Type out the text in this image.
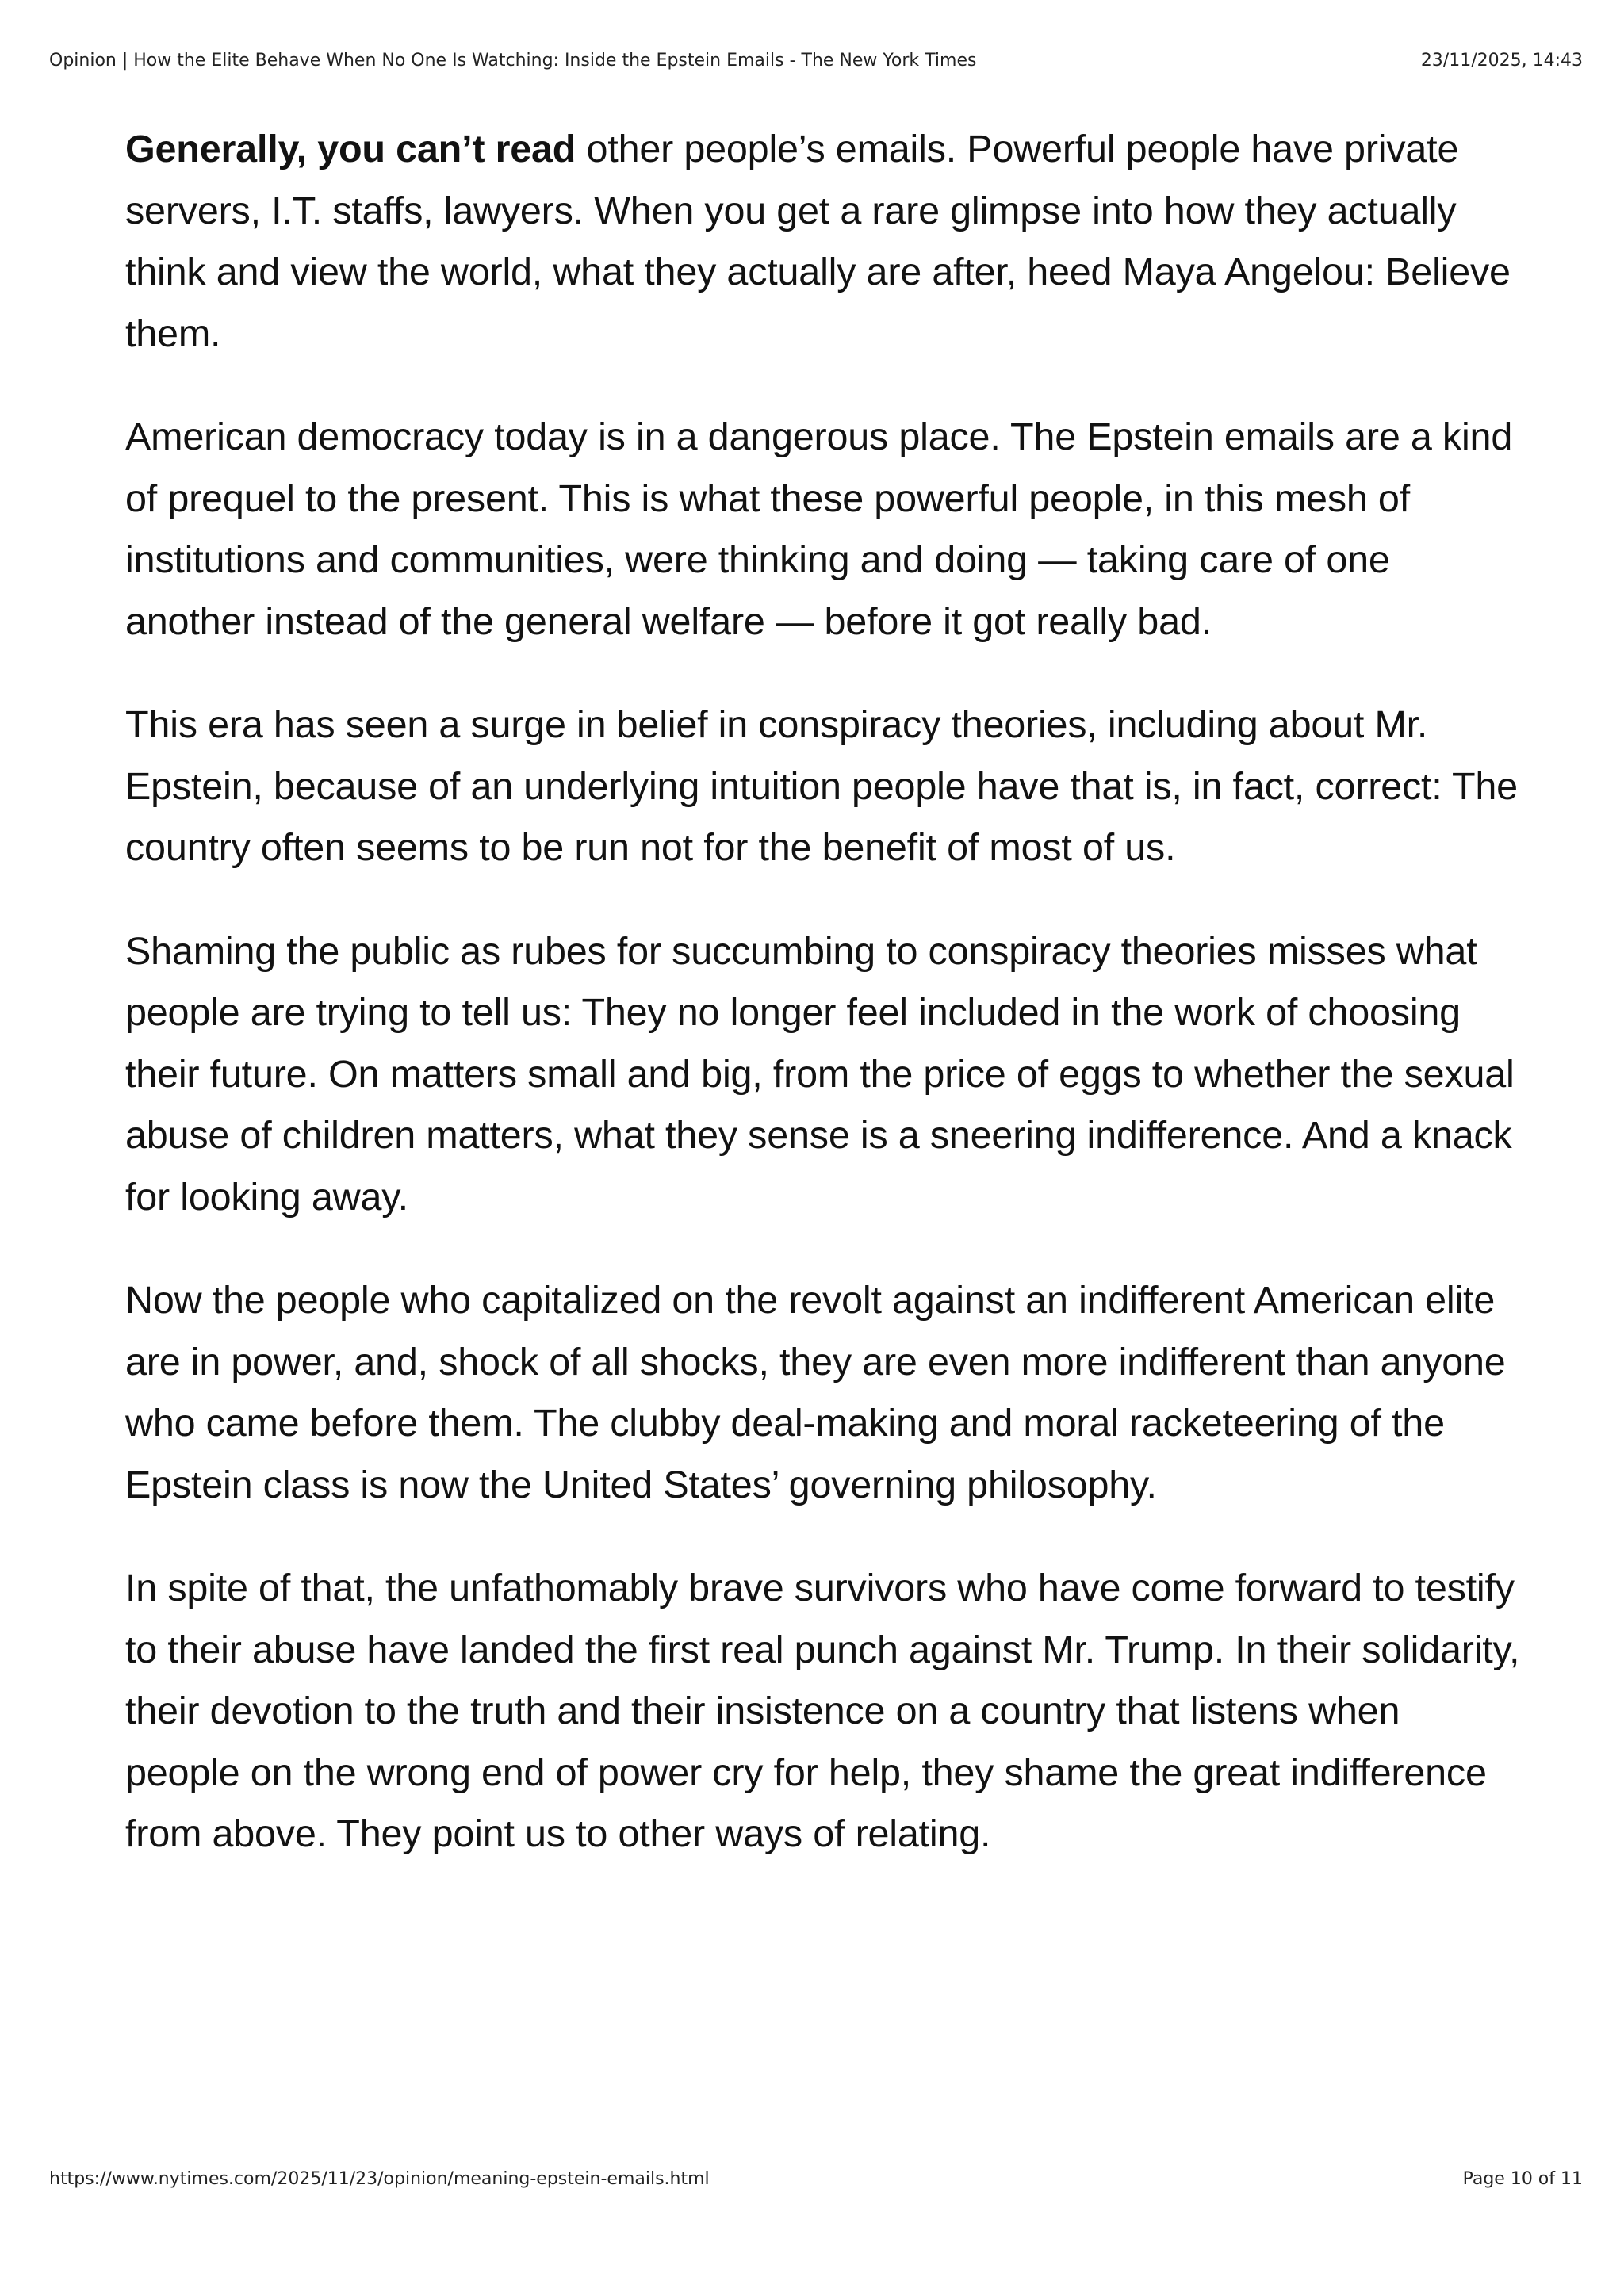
Opinion | How the Elite Behave When No One Is Watching: Inside the Epstein Emails - The New York Times	23/11/2025, 14:43

Generally, you can’t read other people’s emails. Powerful people have private servers, I.T. staffs, lawyers. When you get a rare glimpse into how they actually think and view the world, what they actually are after, heed Maya Angelou: Believe them.

American democracy today is in a dangerous place. The Epstein emails are a kind of prequel to the present. This is what these powerful people, in this mesh of institutions and communities, were thinking and doing — taking care of one another instead of the general welfare — before it got really bad.

This era has seen a surge in belief in conspiracy theories, including about Mr. Epstein, because of an underlying intuition people have that is, in fact, correct: The country often seems to be run not for the benefit of most of us.

Shaming the public as rubes for succumbing to conspiracy theories misses what people are trying to tell us: They no longer feel included in the work of choosing their future. On matters small and big, from the price of eggs to whether the sexual abuse of children matters, what they sense is a sneering indifference. And a knack for looking away.

Now the people who capitalized on the revolt against an indifferent American elite are in power, and, shock of all shocks, they are even more indifferent than anyone who came before them. The clubby deal-making and moral racketeering of the Epstein class is now the United States’ governing philosophy.

In spite of that, the unfathomably brave survivors who have come forward to testify to their abuse have landed the first real punch against Mr. Trump. In their solidarity, their devotion to the truth and their insistence on a country that listens when people on the wrong end of power cry for help, they shame the great indifference from above. They point us to other ways of relating.

https://www.nytimes.com/2025/11/23/opinion/meaning-epstein-emails.html	Page 10 of 11
